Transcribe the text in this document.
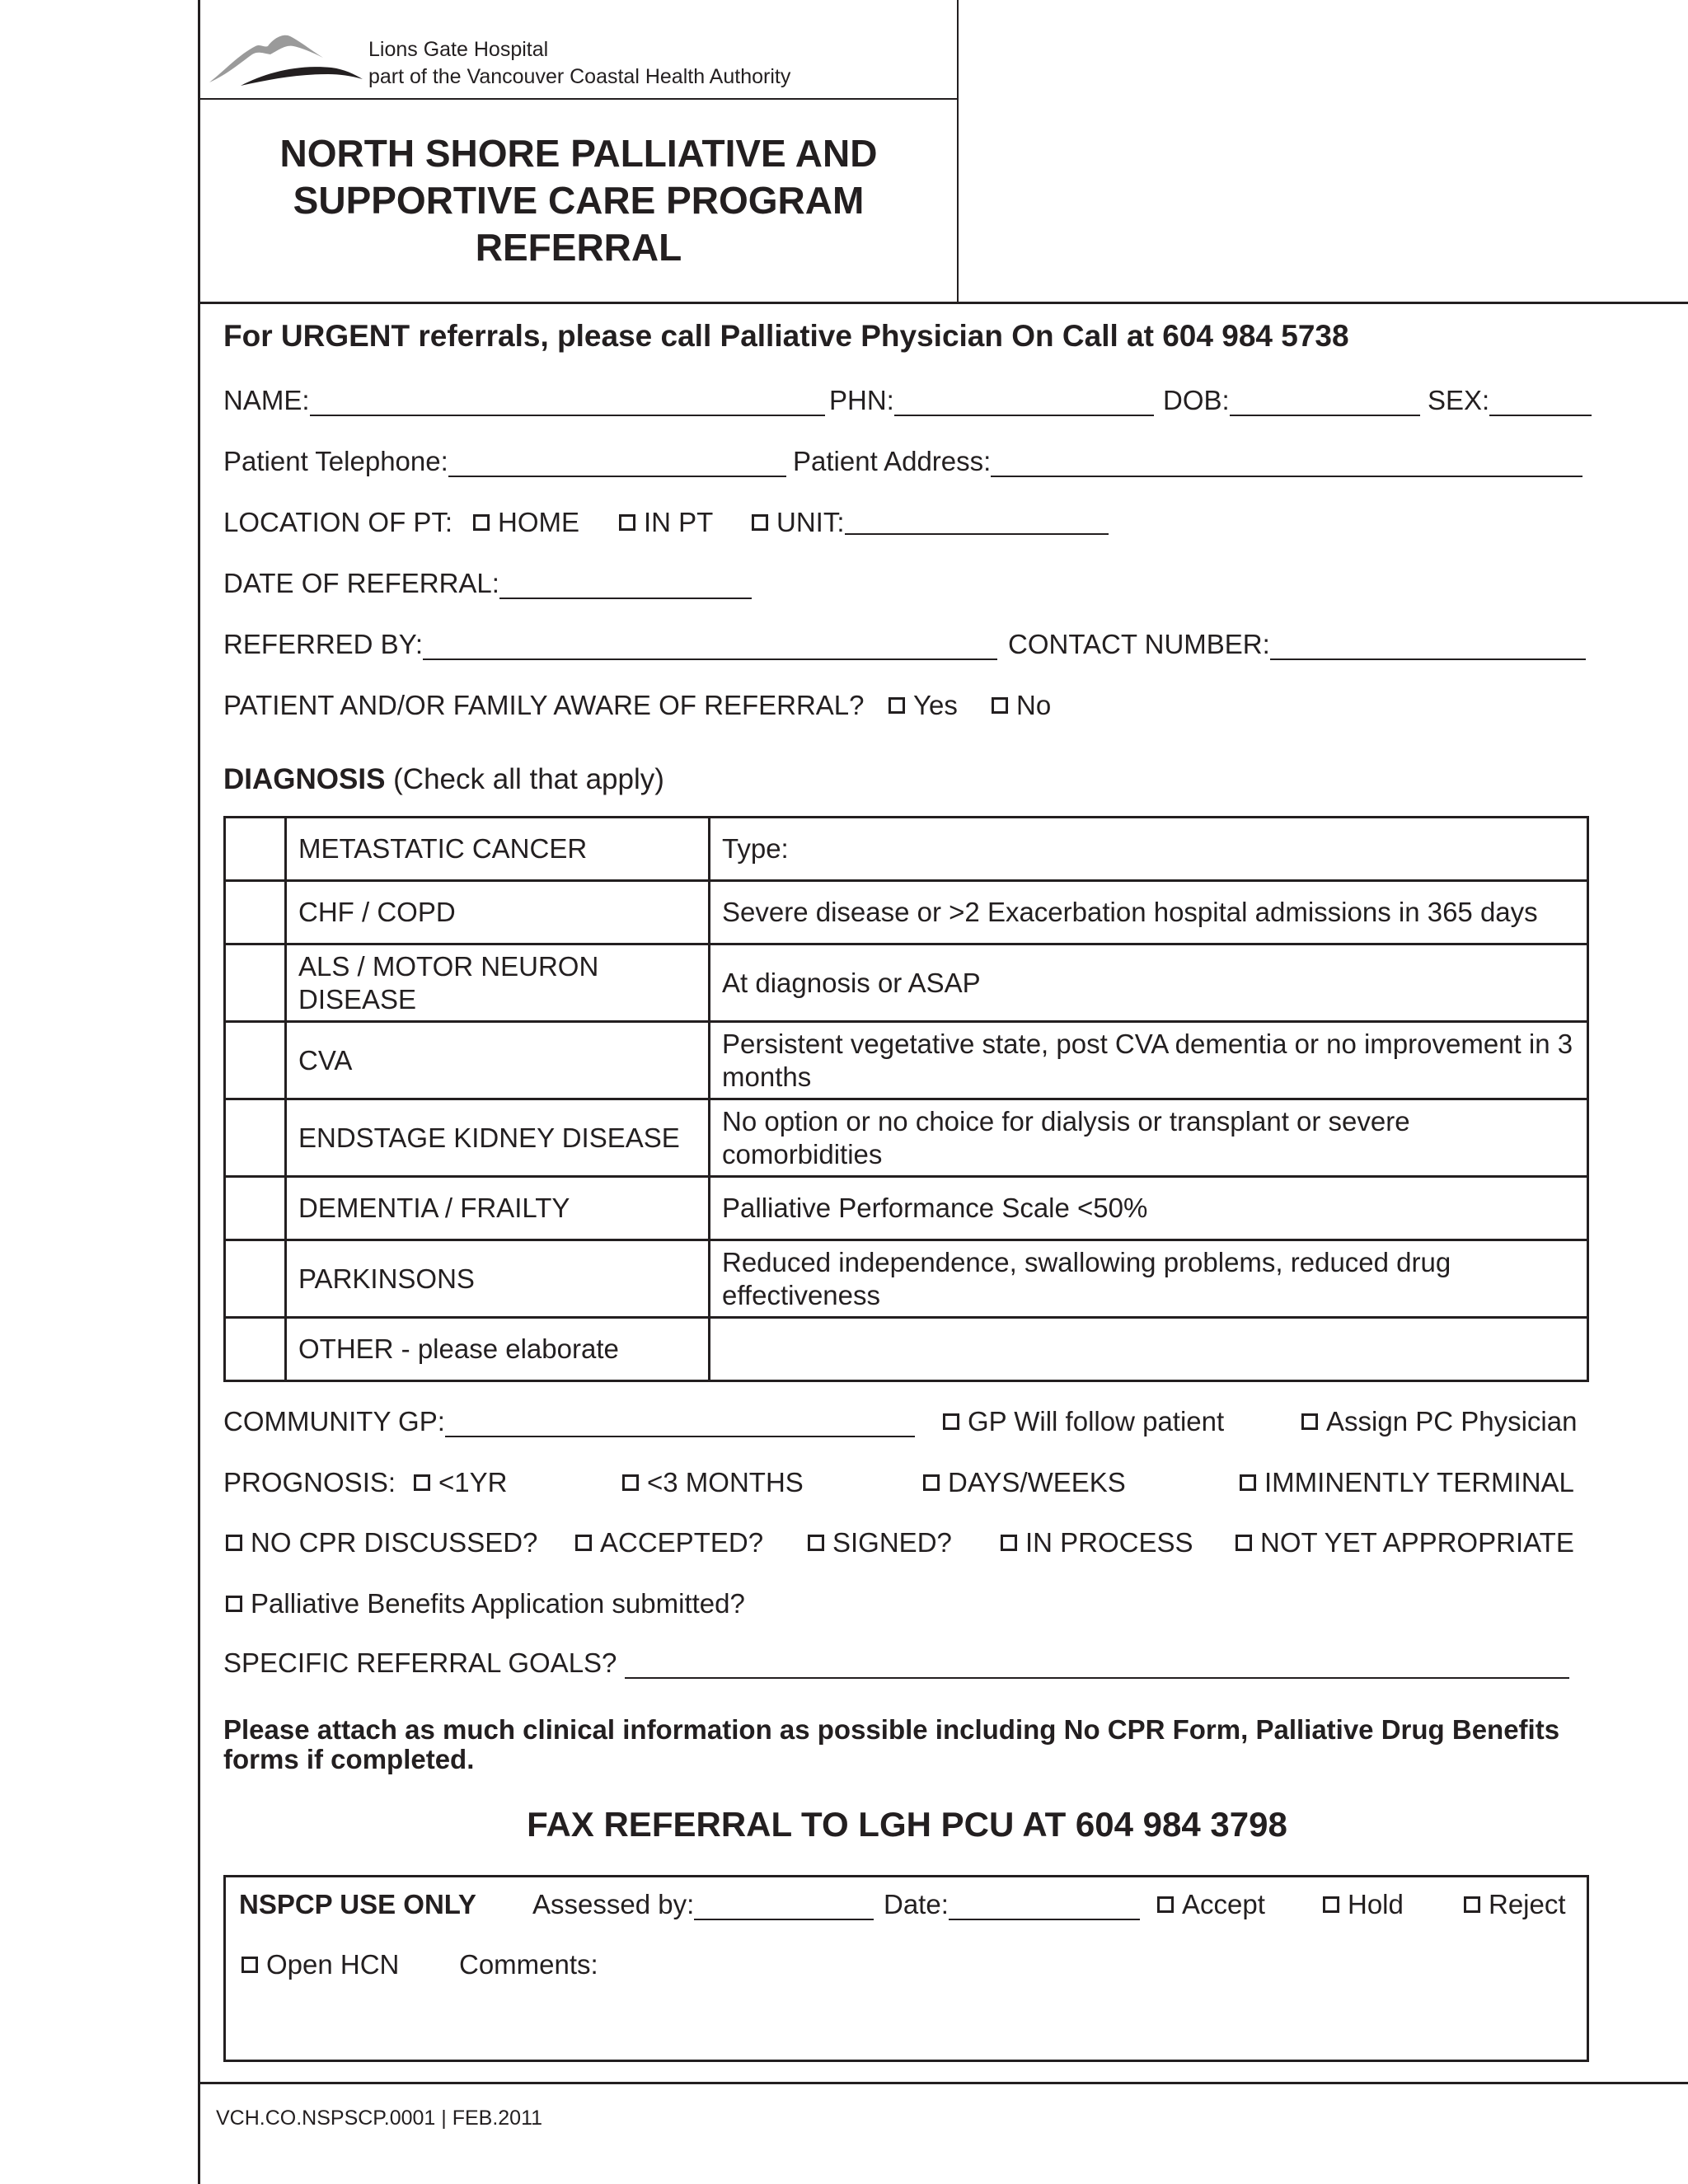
Lions Gate Hospital
part of the Vancouver Coastal Health Authority
NORTH SHORE PALLIATIVE AND
SUPPORTIVE CARE PROGRAM
REFERRAL
For URGENT referrals, please call Palliative Physician On Call at 604 984 5738
NAME:	PHN:	DOB:	SEX:
Patient Telephone:	Patient Address:
LOCATION OF PT: HOME IN PT UNIT:
DATE OF REFERRAL:
REFERRED BY:	CONTACT NUMBER:
PATIENT AND/OR FAMILY AWARE OF REFERRAL? Yes No
DIAGNOSIS (Check all that apply)
	METASTATIC CANCER	Type:
	CHF / COPD	Severe disease or >2 Exacerbation hospital admissions in 365 days
	ALS / MOTOR NEURON DISEASE	At diagnosis or ASAP
	CVA	Persistent vegetative state, post CVA dementia or no improvement in 3 months
	ENDSTAGE KIDNEY DISEASE	No option or no choice for dialysis or transplant or severe comorbidities
	DEMENTIA / FRAILTY	Palliative Performance Scale <50%
	PARKINSONS	Reduced independence, swallowing problems, reduced drug effectiveness
	OTHER - please elaborate	
COMMUNITY GP:	GP Will follow patient	Assign PC Physician
PROGNOSIS: <1YR	<3 MONTHS	DAYS/WEEKS	IMMINENTLY TERMINAL
NO CPR DISCUSSED? ACCEPTED?	SIGNED?	IN PROCESS NOT YET APPROPRIATE
Palliative Benefits Application submitted?
SPECIFIC REFERRAL GOALS?
Please attach as much clinical information as possible including No CPR Form, Palliative Drug Benefits forms if completed.
FAX REFERRAL TO LGH PCU AT 604 984 3798
NSPCP USE ONLY Assessed by:	Date:	Accept	Hold	Reject
Open HCN Comments:
VCH.CO.NSPSCP.0001 | FEB.2011
